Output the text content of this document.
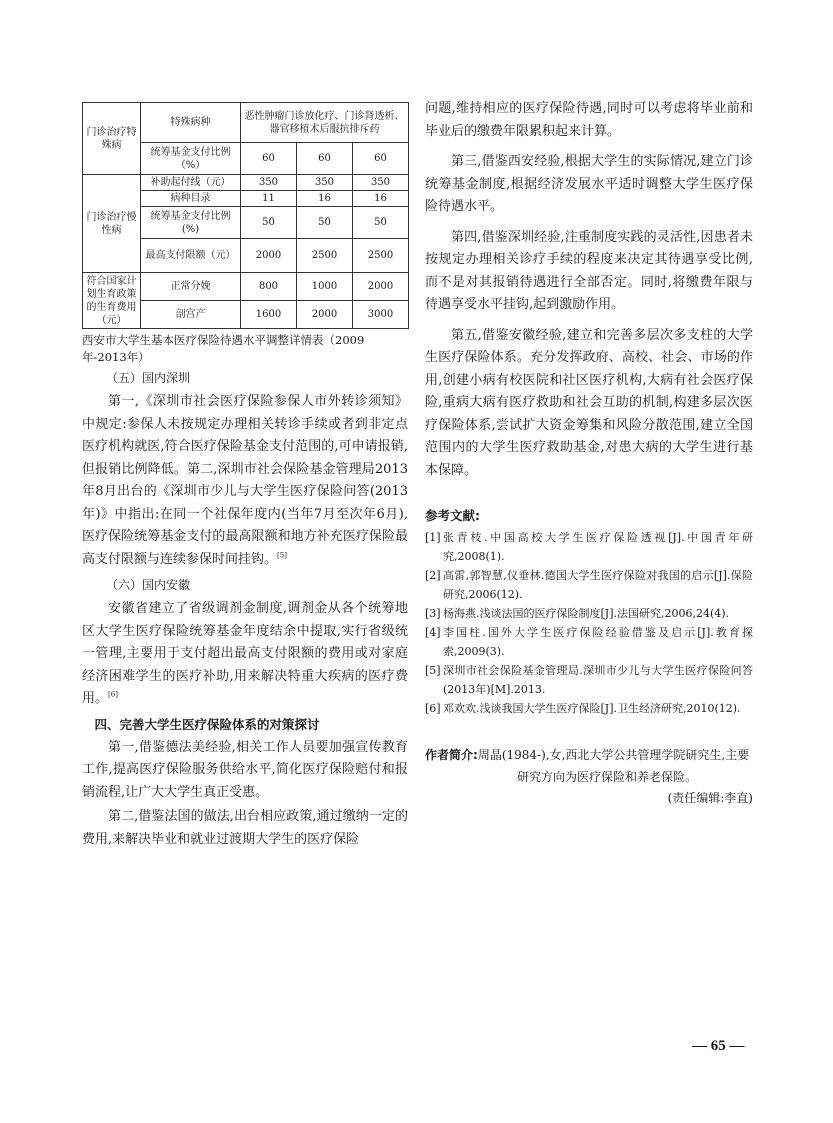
门诊治疗特殊病	特殊病种	恶性肿瘤门诊放化疗、门诊肾透析、器官移植术后服抗排斥药		
	统筹基金支付比例（%）	60	60	60
门诊治疗慢性病	补助起付线（元）	350	350	350
	病种目录	11	16	16
	统筹基金支付比例(%)	50	50	50
	最高支付限额（元）	2000	2500	2500
符合国家计划生育政策的生育费用（元）	正常分娩	800	1000	2000
	剖宫产	1600	2000	3000
西安市大学生基本医疗保险待遇水平调整详情表（2009年-2013年）

（五）国内深圳

第一,《深圳市社会医疗保险参保人市外转诊须知》中规定:参保人未按规定办理相关转诊手续或者到非定点医疗机构就医,符合医疗保险基金支付范围的,可申请报销,但报销比例降低。第二,深圳市社会保险基金管理局2013年8月出台的《深圳市少儿与大学生医疗保险问答(2013年)》中指出:在同一个社保年度内(当年7月至次年6月),医疗保险统筹基金支付的最高限额和地方补充医疗保险最高支付限额与连续参保时间挂钩。[5]

（六）国内安徽

安徽省建立了省级调剂金制度,调剂金从各个统筹地区大学生医疗保险统筹基金年度结余中提取,实行省级统一管理,主要用于支付超出最高支付限额的费用或对家庭经济困难学生的医疗补助,用来解决特重大疾病的医疗费用。[6]

四、完善大学生医疗保险体系的对策探讨

第一,借鉴德法美经验,相关工作人员要加强宣传教育工作,提高医疗保险服务供给水平,简化医疗保险赔付和报销流程,让广大大学生真正受惠。

第二,借鉴法国的做法,出台相应政策,通过缴纳一定的费用,来解决毕业和就业过渡期大学生的医疗保险

问题,维持相应的医疗保险待遇,同时可以考虑将毕业前和毕业后的缴费年限累积起来计算。

第三,借鉴西安经验,根据大学生的实际情况,建立门诊统筹基金制度,根据经济发展水平适时调整大学生医疗保险待遇水平。

第四,借鉴深圳经验,注重制度实践的灵活性,因患者未按规定办理相关诊疗手续的程度来决定其待遇享受比例,而不是对其报销待遇进行全部否定。同时,将缴费年限与待遇享受水平挂钩,起到激励作用。

第五,借鉴安徽经验,建立和完善多层次多支柱的大学生医疗保险体系。充分发挥政府、高校、社会、市场的作用,创建小病有校医院和社区医疗机构,大病有社会医疗保险,重病大病有医疗救助和社会互助的机制,构建多层次医疗保险体系,尝试扩大资金筹集和风险分散范围,建立全国范围内的大学生医疗救助基金,对患大病的大学生进行基本保障。

参考文献:
[1] 张青枝.中国高校大学生医疗保险透视[J].中国青年研究,2008(1).
[2] 高雷,郭智慧,仪垂林.德国大学生医疗保险对我国的启示[J].保险研究,2006(12).
[3] 杨海燕.浅谈法国的医疗保险制度[J].法国研究,2006,24(4).
[4] 李国柱.国外大学生医疗保险经验借鉴及启示[J].教育探索,2009(3).
[5] 深圳市社会保险基金管理局.深圳市少儿与大学生医疗保险问答(2013年)[M].2013.
[6] 邓欢欢.浅谈我国大学生医疗保险[J].卫生经济研究,2010(12).

作者简介:周晶(1984-),女,西北大学公共管理学院研究生,主要研究方向为医疗保险和养老保险。

(责任编辑:李直)
— 65 —
